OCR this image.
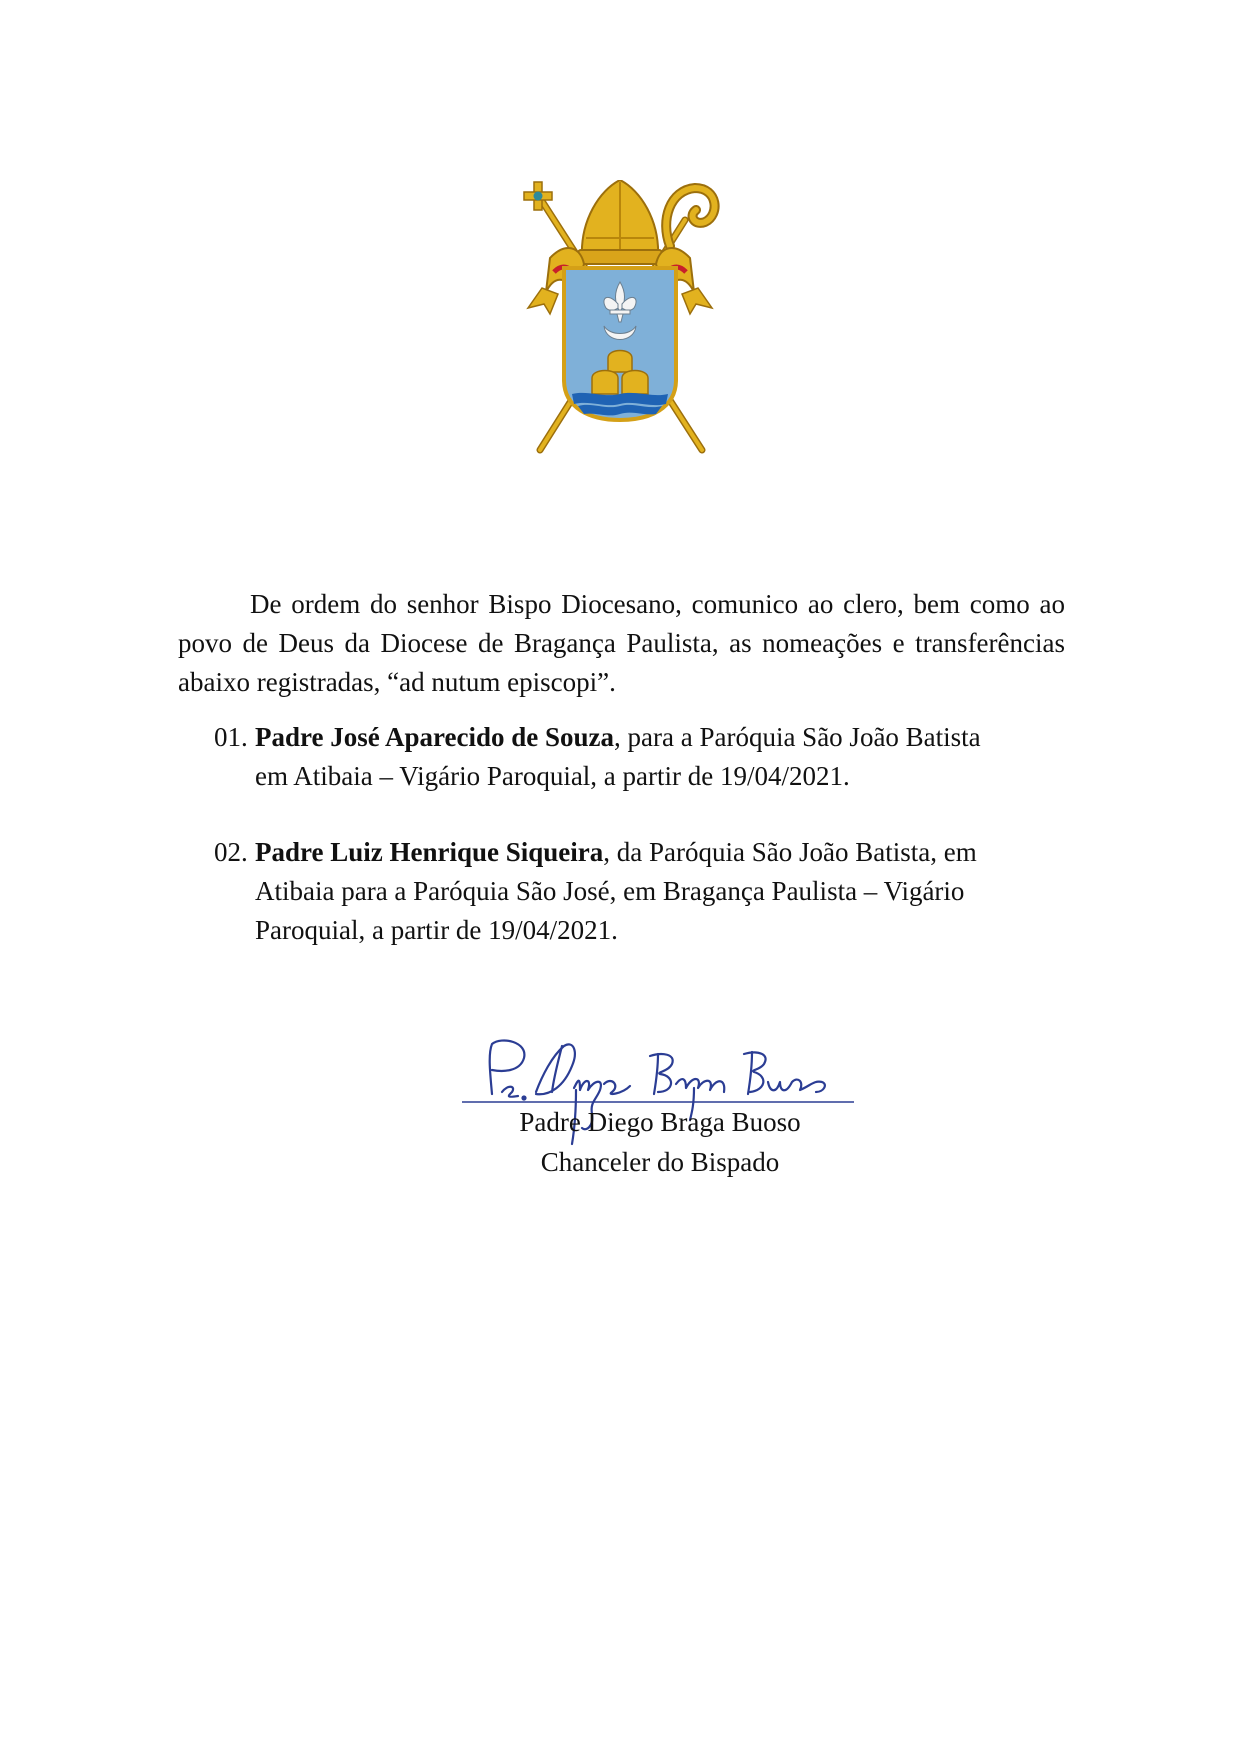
De ordem do senhor Bispo Diocesano, comunico ao clero, bem como ao povo de Deus da Diocese de Bragança Paulista, as nomeações e transferências abaixo registradas, “ad nutum episcopi”.

01. Padre José Aparecido de Souza, para a Paróquia São João Batista
em Atibaia – Vigário Paroquial, a partir de 19/04/2021.
02. Padre Luiz Henrique Siqueira, da Paróquia São João Batista, em
Atibaia para a Paróquia São José, em Bragança Paulista – Vigário
Paroquial, a partir de 19/04/2021.
Padre Diego Braga Buoso
Chanceler do Bispado
